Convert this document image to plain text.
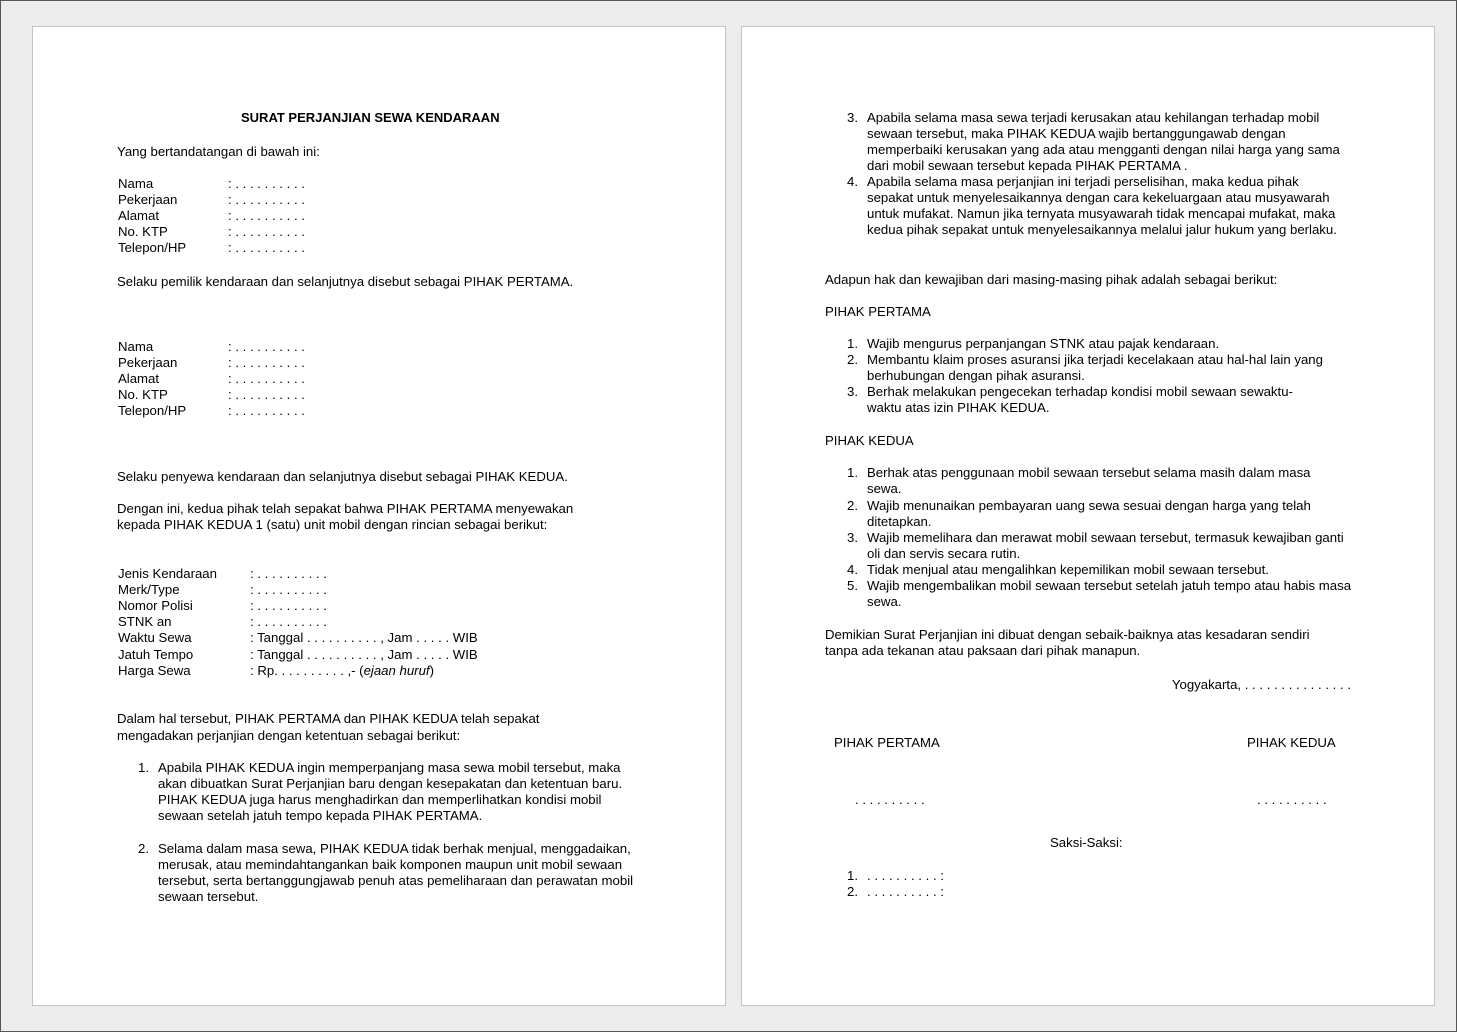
SURAT PERJANJIAN SEWA KENDARAAN
Yang bertandatangan di bawah ini:
Nama	: . . . . . . . . . .
Pekerjaan	: . . . . . . . . . .
Alamat	: . . . . . . . . . .
No. KTP	: . . . . . . . . . .
Telepon/HP	: . . . . . . . . . .
Selaku pemilik kendaraan dan selanjutnya disebut sebagai PIHAK PERTAMA.
Nama	: . . . . . . . . . .
Pekerjaan	: . . . . . . . . . .
Alamat	: . . . . . . . . . .
No. KTP	: . . . . . . . . . .
Telepon/HP	: . . . . . . . . . .
Selaku penyewa kendaraan dan selanjutnya disebut sebagai PIHAK KEDUA.
Dengan ini, kedua pihak telah sepakat bahwa PIHAK PERTAMA menyewakan
kepada PIHAK KEDUA 1 (satu) unit mobil dengan rincian sebagai berikut:
Jenis Kendaraan	: . . . . . . . . . .
Merk/Type	: . . . . . . . . . .
Nomor Polisi	: . . . . . . . . . .
STNK an	: . . . . . . . . . .
Waktu Sewa	: Tanggal . . . . . . . . . . , Jam . . . . . WIB
Jatuh Tempo	: Tanggal . . . . . . . . . . , Jam . . . . . WIB
Harga Sewa	: Rp. . . . . . . . . . ,- (ejaan huruf)
Dalam hal tersebut, PIHAK PERTAMA dan PIHAK KEDUA telah sepakat
mengadakan perjanjian dengan ketentuan sebagai berikut:
1. Apabila PIHAK KEDUA ingin memperpanjang masa sewa mobil tersebut, maka akan dibuatkan Surat Perjanjian baru dengan kesepakatan dan ketentuan baru. PIHAK KEDUA juga harus menghadirkan dan memperlihatkan kondisi mobil sewaan setelah jatuh tempo kepada PIHAK PERTAMA.
2. Selama dalam masa sewa, PIHAK KEDUA tidak berhak menjual, menggadaikan, merusak, atau memindahtangankan baik komponen maupun unit mobil sewaan tersebut, serta bertanggungjawab penuh atas pemeliharaan dan perawatan mobil sewaan tersebut.
3. Apabila selama masa sewa terjadi kerusakan atau kehilangan terhadap mobil sewaan tersebut, maka PIHAK KEDUA wajib bertanggungawab dengan memperbaiki kerusakan yang ada atau mengganti dengan nilai harga yang sama dari mobil sewaan tersebut kepada PIHAK PERTAMA .
4. Apabila selama masa perjanjian ini terjadi perselisihan, maka kedua pihak sepakat untuk menyelesaikannya dengan cara kekeluargaan atau musyawarah untuk mufakat. Namun jika ternyata musyawarah tidak mencapai mufakat, maka kedua pihak sepakat untuk menyelesaikannya melalui jalur hukum yang berlaku.
Adapun hak dan kewajiban dari masing-masing pihak adalah sebagai berikut:
PIHAK PERTAMA
1. Wajib mengurus perpanjangan STNK atau pajak kendaraan.
2. Membantu klaim proses asuransi jika terjadi kecelakaan atau hal-hal lain yang berhubungan dengan pihak asuransi.
3. Berhak melakukan pengecekan terhadap kondisi mobil sewaan sewaktu-waktu atas izin PIHAK KEDUA.
PIHAK KEDUA
1. Berhak atas penggunaan mobil sewaan tersebut selama masih dalam masa sewa.
2. Wajib menunaikan pembayaran uang sewa sesuai dengan harga yang telah ditetapkan.
3. Wajib memelihara dan merawat mobil sewaan tersebut, termasuk kewajiban ganti oli dan servis secara rutin.
4. Tidak menjual atau mengalihkan kepemilikan mobil sewaan tersebut.
5. Wajib mengembalikan mobil sewaan tersebut setelah jatuh tempo atau habis masa sewa.
Demikian Surat Perjanjian ini dibuat dengan sebaik-baiknya atas kesadaran sendiri
tanpa ada tekanan atau paksaan dari pihak manapun.
Yogyakarta, . . . . . . . . . . . . . . .
PIHAK PERTAMA	PIHAK KEDUA
. . . . . . . . . .	. . . . . . . . . .
Saksi-Saksi:
1. . . . . . . . . . . :
2. . . . . . . . . . . :
